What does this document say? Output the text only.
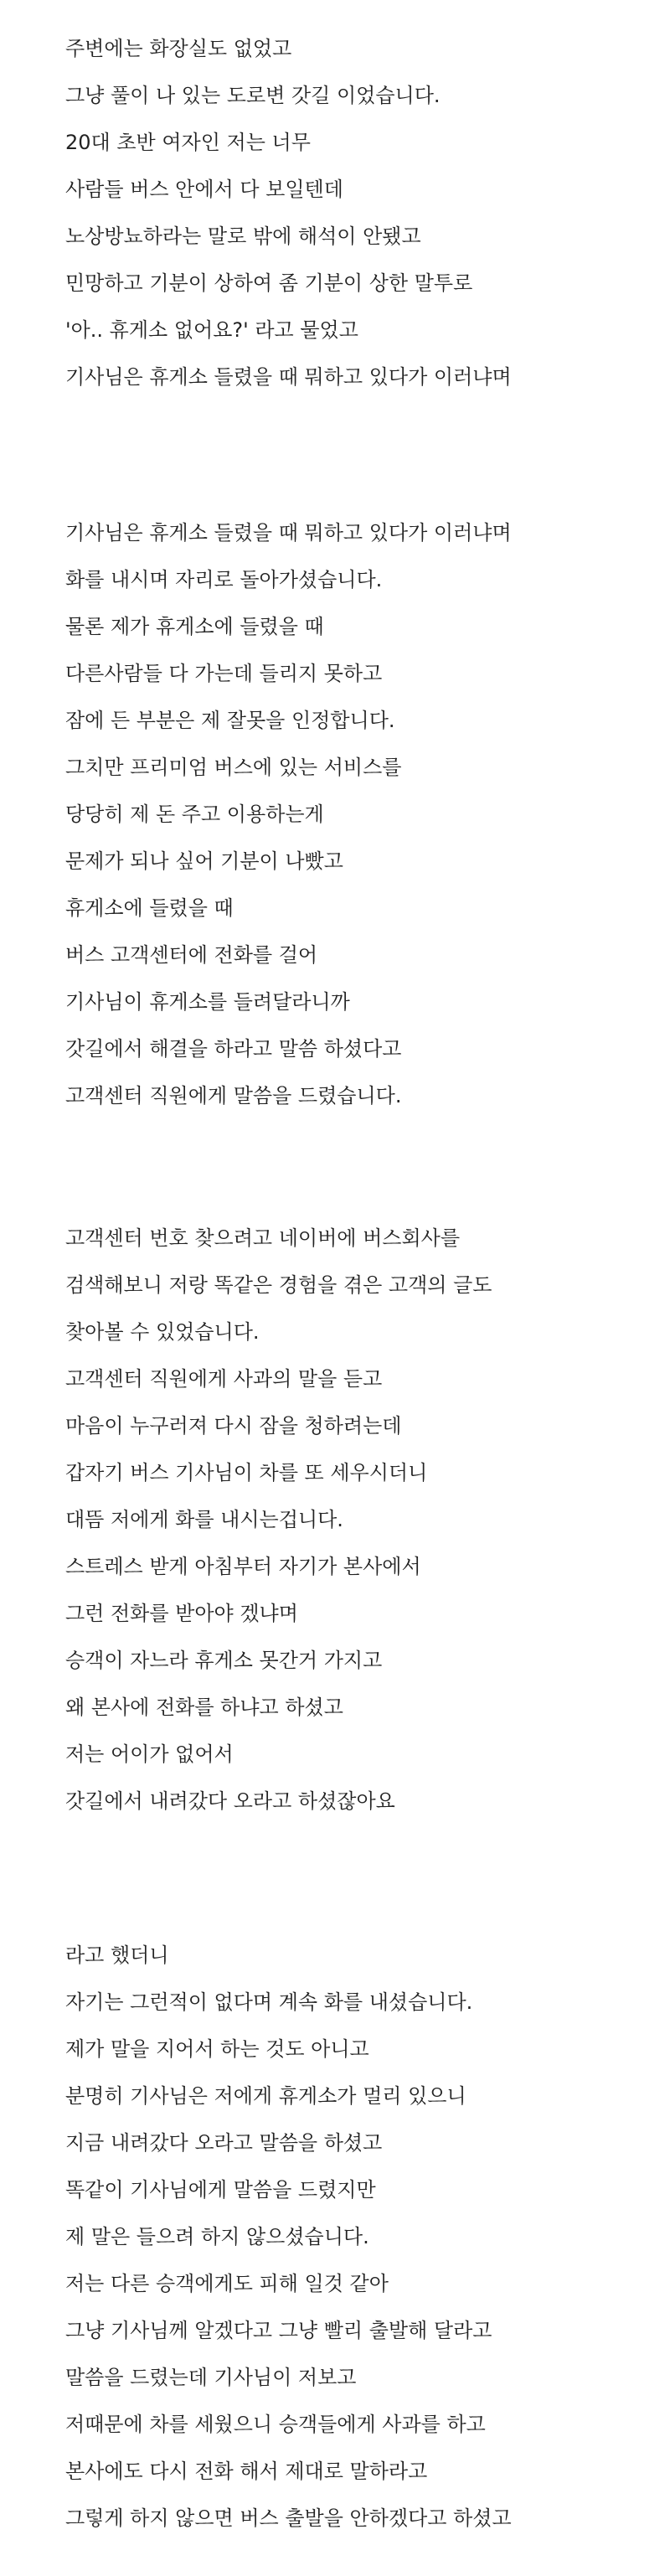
주변에는 화장실도 없었고

그냥 풀이 나 있는 도로변 갓길 이었습니다.

20대 초반 여자인 저는 너무

사람들 버스 안에서 다 보일텐데

노상방뇨하라는 말로 밖에 해석이 안됐고

민망하고 기분이 상하여 좀 기분이 상한 말투로

'아.. 휴게소 없어요?' 라고 물었고

기사님은 휴게소 들렸을 때 뭐하고 있다가 이러냐며

기사님은 휴게소 들렸을 때 뭐하고 있다가 이러냐며

화를 내시며 자리로 돌아가셨습니다.

물론 제가 휴게소에 들렸을 때

다른사람들 다 가는데 들리지 못하고

잠에 든 부분은 제 잘못을 인정합니다.

그치만 프리미엄 버스에 있는 서비스를

당당히 제 돈 주고 이용하는게

문제가 되나 싶어 기분이 나빴고

휴게소에 들렸을 때

버스 고객센터에 전화를 걸어

기사님이 휴게소를 들려달라니까

갓길에서 해결을 하라고 말씀 하셨다고

고객센터 직원에게 말씀을 드렸습니다.

고객센터 번호 찾으려고 네이버에 버스회사를

검색해보니 저랑 똑같은 경험을 겪은 고객의 글도

찾아볼 수 있었습니다.

고객센터 직원에게 사과의 말을 듣고

마음이 누구러져 다시 잠을 청하려는데

갑자기 버스 기사님이 차를 또 세우시더니

대뜸 저에게 화를 내시는겁니다.

스트레스 받게 아침부터 자기가 본사에서

그런 전화를 받아야 겠냐며

승객이 자느라 휴게소 못간거 가지고

왜 본사에 전화를 하냐고 하셨고

저는 어이가 없어서

갓길에서 내려갔다 오라고 하셨잖아요

라고 했더니

자기는 그런적이 없다며 계속 화를 내셨습니다.

제가 말을 지어서 하는 것도 아니고

분명히 기사님은 저에게 휴게소가 멀리 있으니

지금 내려갔다 오라고 말씀을 하셨고

똑같이 기사님에게 말씀을 드렸지만

제 말은 들으려 하지 않으셨습니다.

저는 다른 승객에게도 피해 일것 같아

그냥 기사님께 알겠다고 그냥 빨리 출발해 달라고

말씀을 드렸는데 기사님이 저보고

저때문에 차를 세웠으니 승객들에게 사과를 하고

본사에도 다시 전화 해서 제대로 말하라고

그렇게 하지 않으면 버스 출발을 안하겠다고 하셨고
